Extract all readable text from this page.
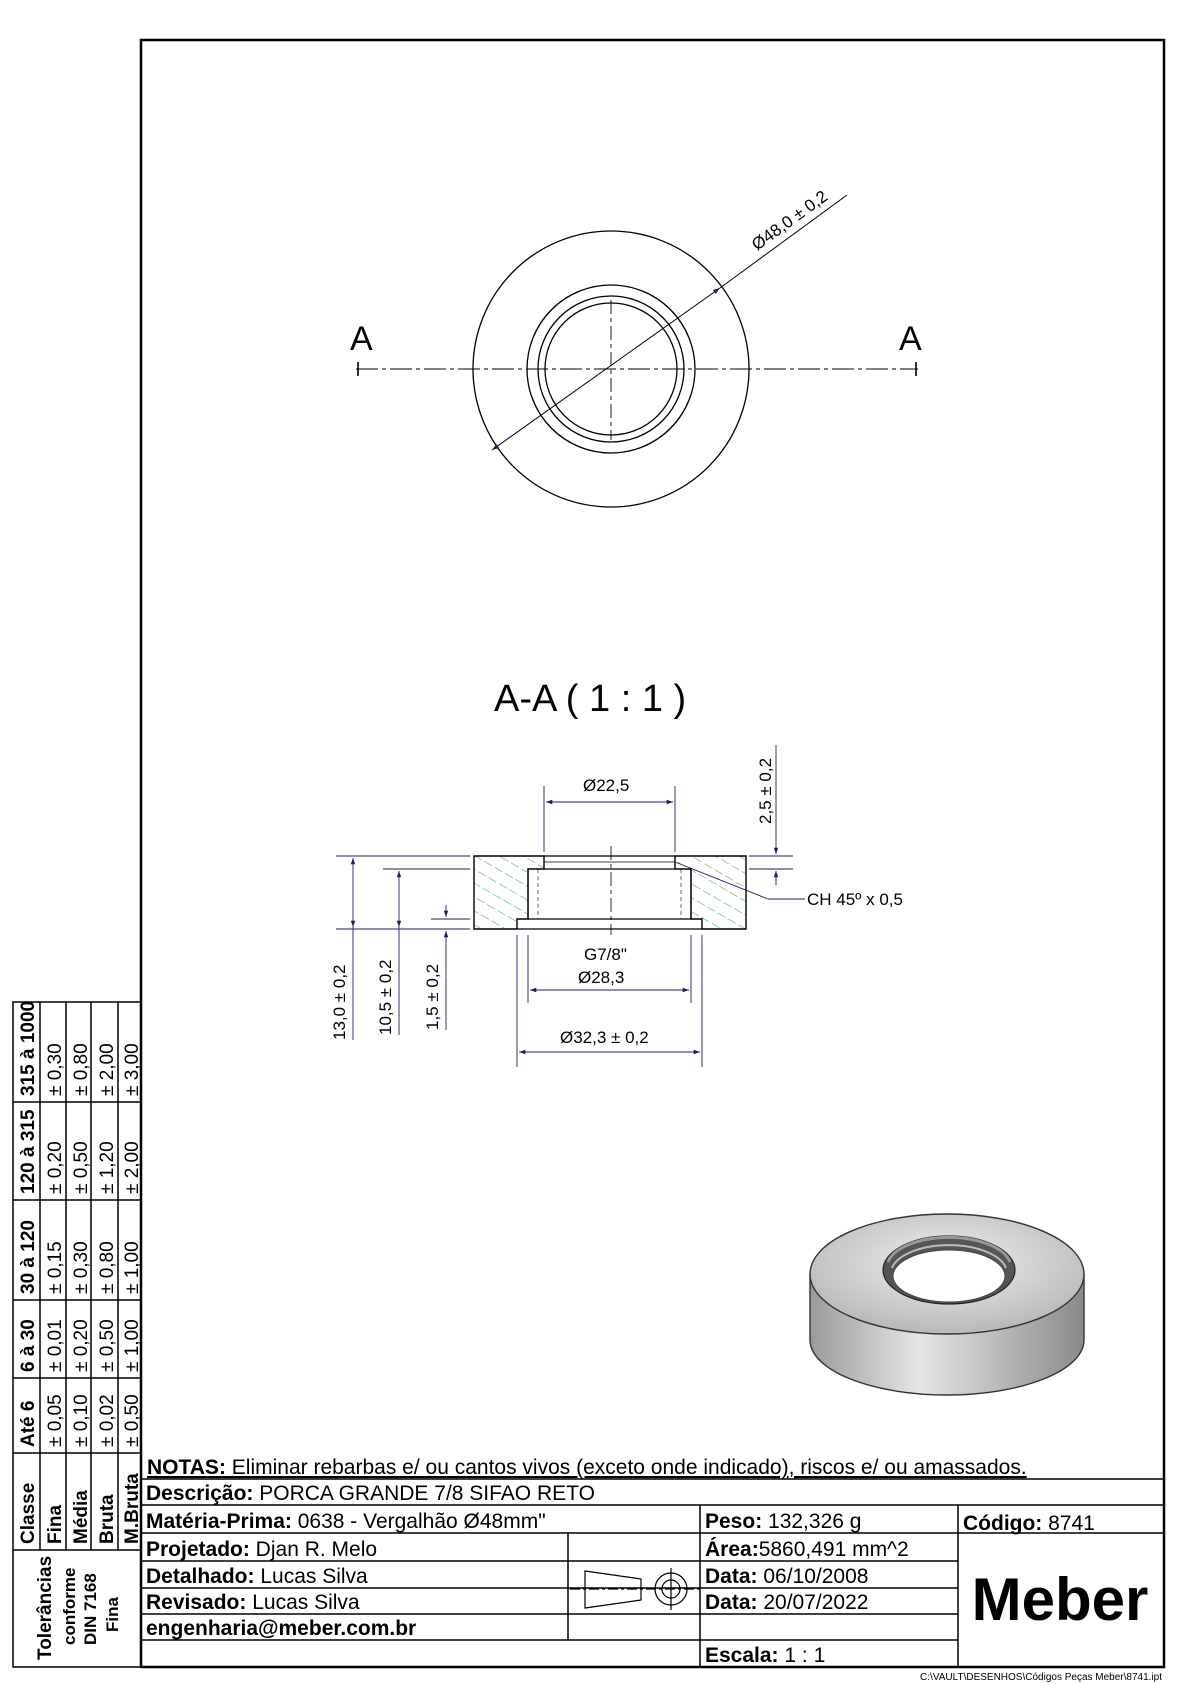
A	A
Ø48,0 ± 0,2
A-A ( 1 : 1 )
Ø22,5	2,5 ± 0,2
CH 45º x 0,5
G7/8"
Ø28,3
Ø32,3 ± 0,2
13,0 ± 0,2 10,5 ± 0,2 1,5 ± 0,2
Tolerâncias conforme DIN 7168 Fina
Classe
Até 6
6 à 30
30 à 120
120 à 315
315 à 1000
Fina
± 0,05
± 0,01
± 0,15
± 0,20
± 0,30
Média
± 0,10
± 0,20
± 0,30
± 0,50
± 0,80
Bruta
± 0,02
± 0,50
± 0,80
± 1,20
± 2,00
M.Bruta
± 0,50
± 1,00
± 1,00
± 2,00
± 3,00
NOTAS: Eliminar rebarbas e/ ou cantos vivos (exceto onde indicado), riscos e/ ou amassados.
Descrição: PORCA GRANDE 7/8 SIFAO RETO
Matéria-Prima: 0638 - Vergalhão Ø48mm"	Peso: 132,326 g	Código: 8741
Projetado: Djan R. Melo	Área:5860,491 mm^2
Detalhado: Lucas Silva	Data: 06/10/2008
Revisado: Lucas Silva	Data: 20/07/2022
engenharia@meber.com.br
Escala: 1 : 1
Meber
C:\VAULT\DESENHOS\Códigos Peças Meber\8741.ipt
